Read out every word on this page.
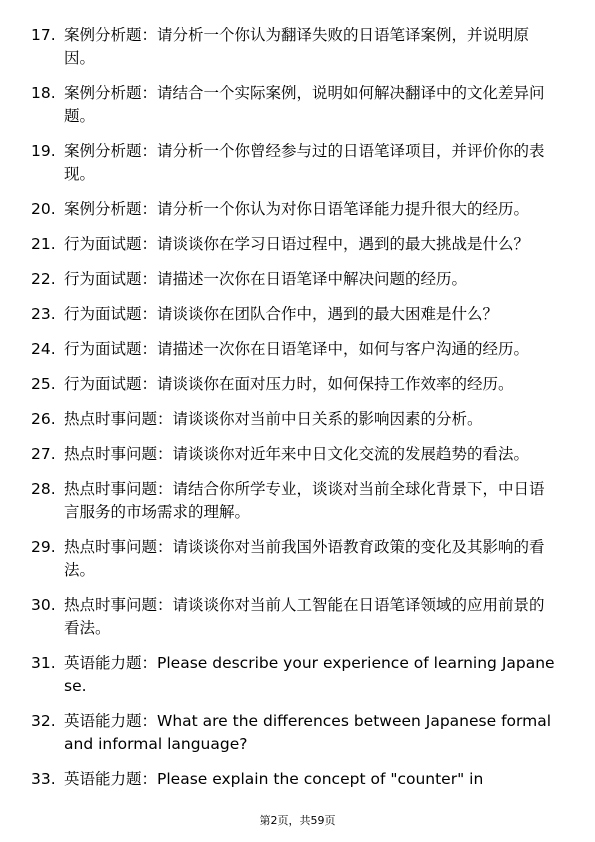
17. 案例分析题：请分析一个你认为翻译失败的日语笔译案例，并说明原因。
18. 案例分析题：请结合一个实际案例，说明如何解决翻译中的文化差异问题。
19. 案例分析题：请分析一个你曾经参与过的日语笔译项目，并评价你的表现。
20. 案例分析题：请分析一个你认为对你日语笔译能力提升很大的经历。
21. 行为面试题：请谈谈你在学习日语过程中，遇到的最大挑战是什么？
22. 行为面试题：请描述一次你在日语笔译中解决问题的经历。
23. 行为面试题：请谈谈你在团队合作中，遇到的最大困难是什么？
24. 行为面试题：请描述一次你在日语笔译中，如何与客户沟通的经历。
25. 行为面试题：请谈谈你在面对压力时，如何保持工作效率的经历。
26. 热点时事问题：请谈谈你对当前中日关系的影响因素的分析。
27. 热点时事问题：请谈谈你对近年来中日文化交流的发展趋势的看法。
28. 热点时事问题：请结合你所学专业，谈谈对当前全球化背景下，中日语言服务的市场需求的理解。
29. 热点时事问题：请谈谈你对当前我国外语教育政策的变化及其影响的看法。
30. 热点时事问题：请谈谈你对当前人工智能在日语笔译领域的应用前景的看法。
31. 英语能力题：Please describe your experience of learning Japanese.
32. 英语能力题：What are the differences between Japanese formal and informal language?
33. 英语能力题：Please explain the concept of "counter" in
第2页，共59页
